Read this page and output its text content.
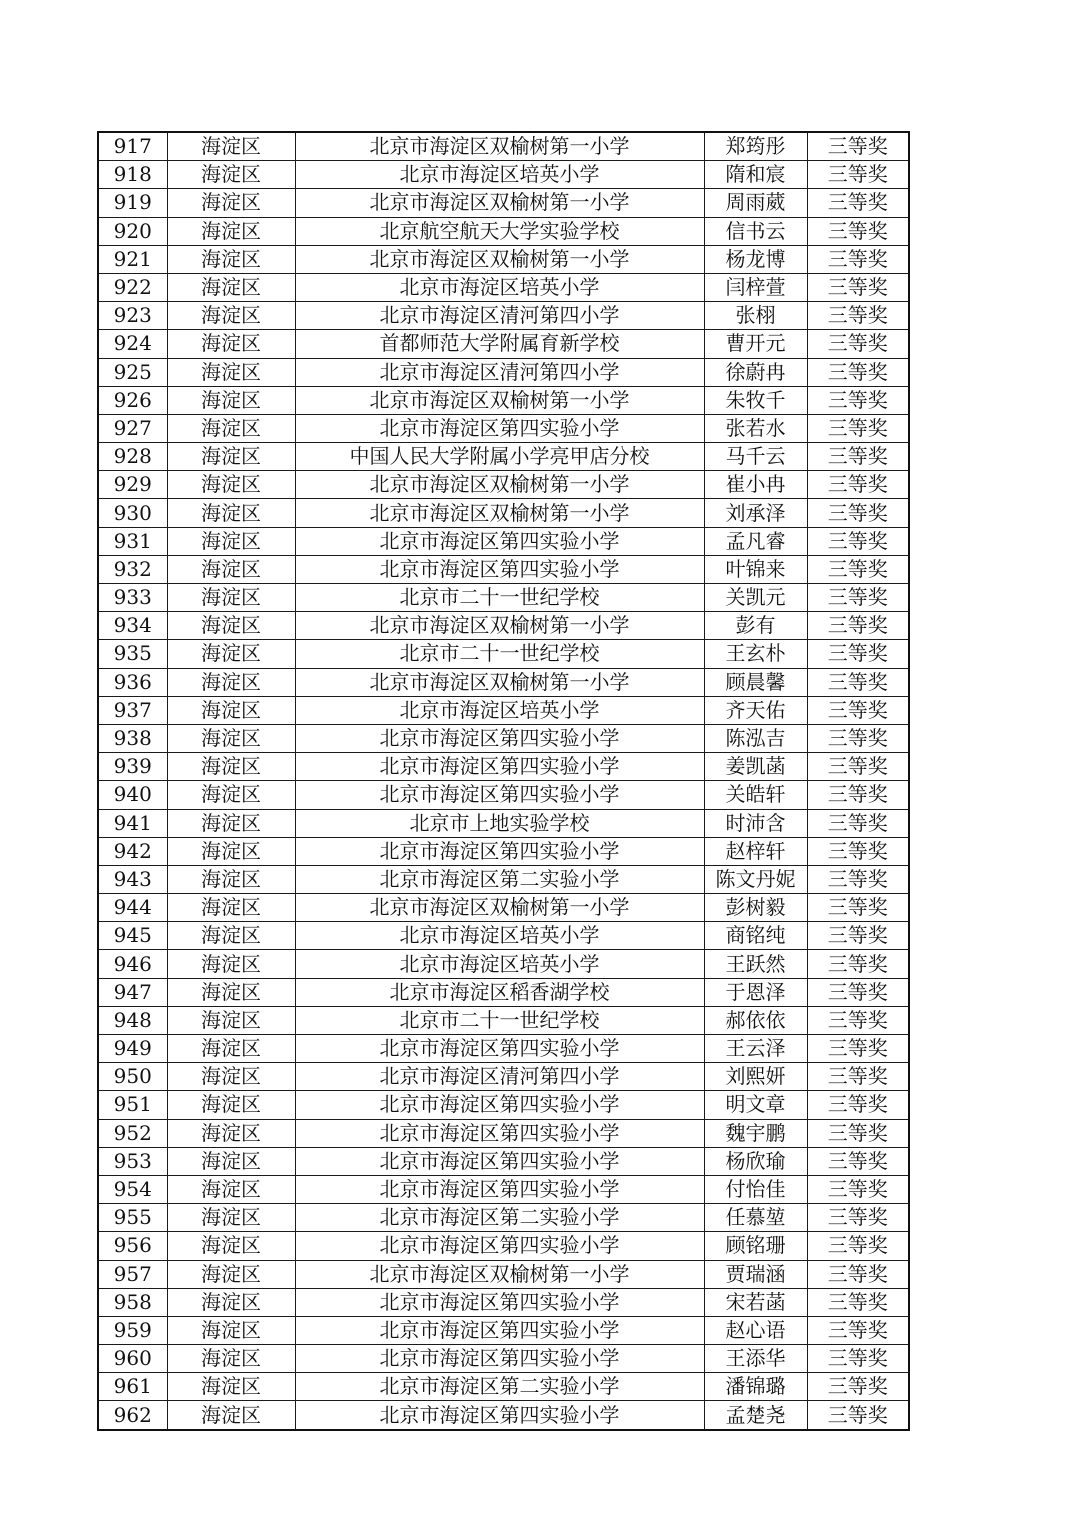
917	海淀区	北京市海淀区双榆树第一小学	郑筠彤	三等奖
918	海淀区	北京市海淀区培英小学	隋和宸	三等奖
919	海淀区	北京市海淀区双榆树第一小学	周雨葳	三等奖
920	海淀区	北京航空航天大学实验学校	信书云	三等奖
921	海淀区	北京市海淀区双榆树第一小学	杨龙博	三等奖
922	海淀区	北京市海淀区培英小学	闫梓萱	三等奖
923	海淀区	北京市海淀区清河第四小学	张栩	三等奖
924	海淀区	首都师范大学附属育新学校	曹开元	三等奖
925	海淀区	北京市海淀区清河第四小学	徐蔚冉	三等奖
926	海淀区	北京市海淀区双榆树第一小学	朱牧千	三等奖
927	海淀区	北京市海淀区第四实验小学	张若水	三等奖
928	海淀区	中国人民大学附属小学亮甲店分校	马千云	三等奖
929	海淀区	北京市海淀区双榆树第一小学	崔小冉	三等奖
930	海淀区	北京市海淀区双榆树第一小学	刘承泽	三等奖
931	海淀区	北京市海淀区第四实验小学	孟凡睿	三等奖
932	海淀区	北京市海淀区第四实验小学	叶锦来	三等奖
933	海淀区	北京市二十一世纪学校	关凯元	三等奖
934	海淀区	北京市海淀区双榆树第一小学	彭有	三等奖
935	海淀区	北京市二十一世纪学校	王玄朴	三等奖
936	海淀区	北京市海淀区双榆树第一小学	顾晨馨	三等奖
937	海淀区	北京市海淀区培英小学	齐天佑	三等奖
938	海淀区	北京市海淀区第四实验小学	陈泓吉	三等奖
939	海淀区	北京市海淀区第四实验小学	姜凯菡	三等奖
940	海淀区	北京市海淀区第四实验小学	关皓轩	三等奖
941	海淀区	北京市上地实验学校	时沛含	三等奖
942	海淀区	北京市海淀区第四实验小学	赵梓轩	三等奖
943	海淀区	北京市海淀区第二实验小学	陈文丹妮	三等奖
944	海淀区	北京市海淀区双榆树第一小学	彭树毅	三等奖
945	海淀区	北京市海淀区培英小学	商铭纯	三等奖
946	海淀区	北京市海淀区培英小学	王跃然	三等奖
947	海淀区	北京市海淀区稻香湖学校	于恩泽	三等奖
948	海淀区	北京市二十一世纪学校	郝依依	三等奖
949	海淀区	北京市海淀区第四实验小学	王云泽	三等奖
950	海淀区	北京市海淀区清河第四小学	刘熙妍	三等奖
951	海淀区	北京市海淀区第四实验小学	明文章	三等奖
952	海淀区	北京市海淀区第四实验小学	魏宇鹏	三等奖
953	海淀区	北京市海淀区第四实验小学	杨欣瑜	三等奖
954	海淀区	北京市海淀区第四实验小学	付怡佳	三等奖
955	海淀区	北京市海淀区第二实验小学	任慕堃	三等奖
956	海淀区	北京市海淀区第四实验小学	顾铭珊	三等奖
957	海淀区	北京市海淀区双榆树第一小学	贾瑞涵	三等奖
958	海淀区	北京市海淀区第四实验小学	宋若菡	三等奖
959	海淀区	北京市海淀区第四实验小学	赵心语	三等奖
960	海淀区	北京市海淀区第四实验小学	王添华	三等奖
961	海淀区	北京市海淀区第二实验小学	潘锦璐	三等奖
962	海淀区	北京市海淀区第四实验小学	孟楚尧	三等奖
